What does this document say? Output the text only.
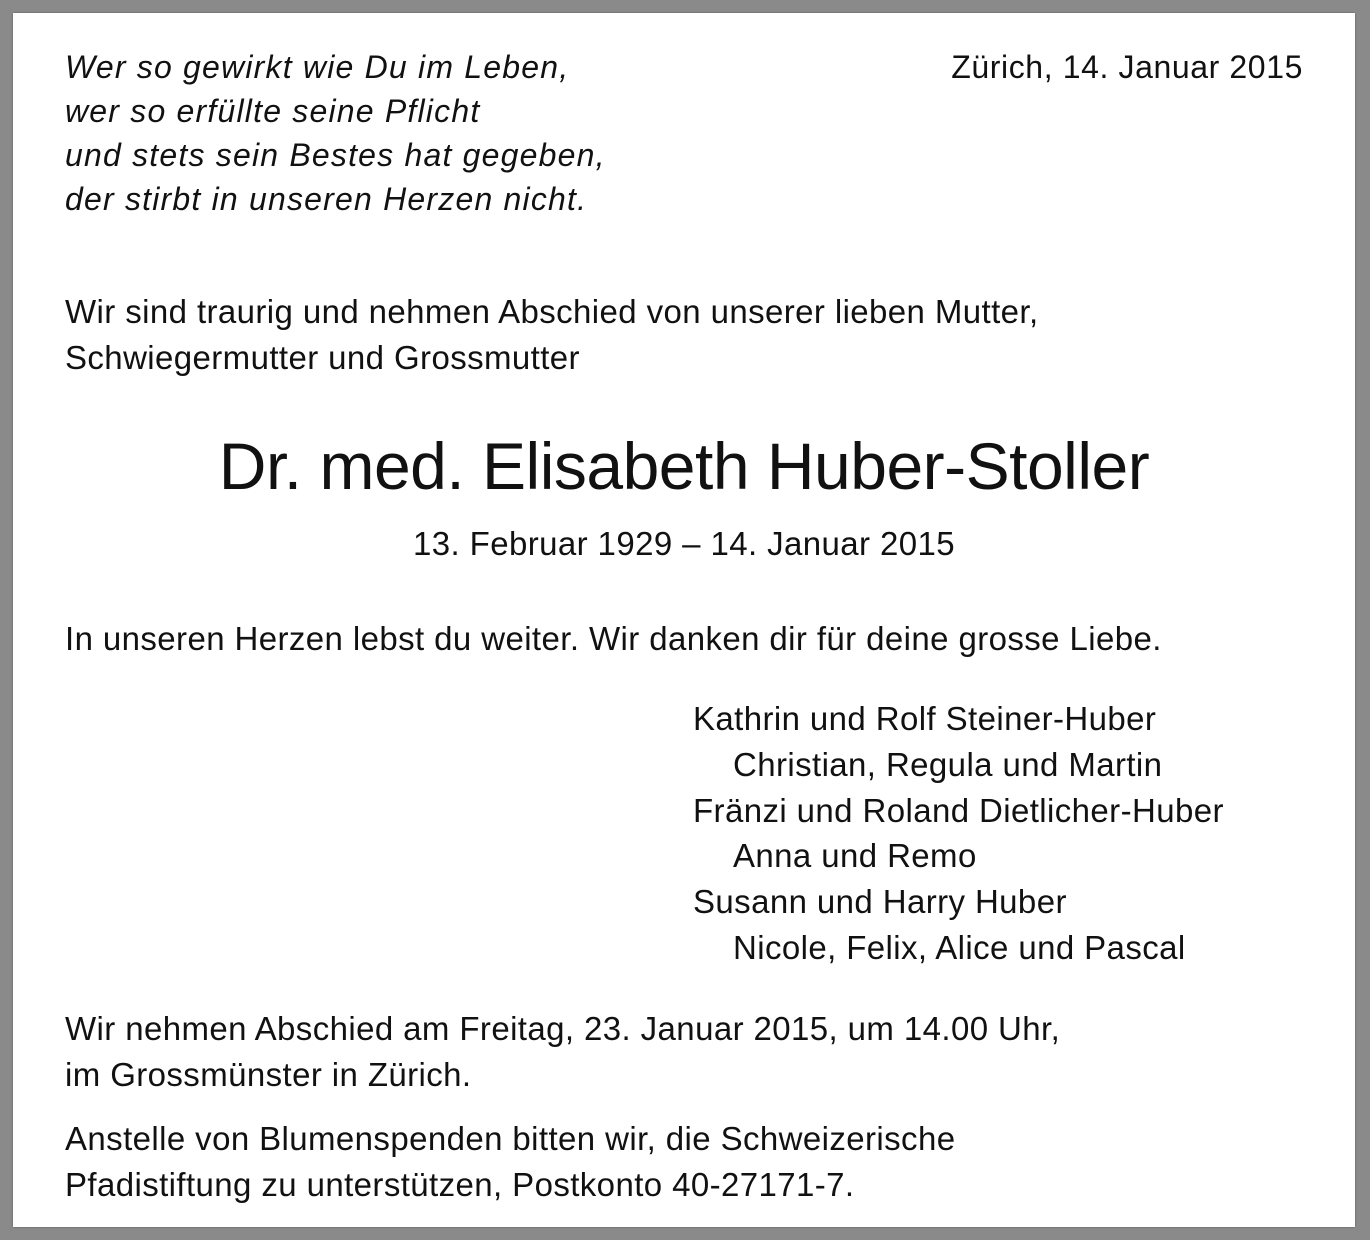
Wer so gewirkt wie Du im Leben,
wer so erfüllte seine Pflicht
und stets sein Bestes hat gegeben,
der stirbt in unseren Herzen nicht.
Zürich, 14. Januar 2015
Wir sind traurig und nehmen Abschied von unserer lieben Mutter,
Schwiegermutter und Grossmutter
Dr. med. Elisabeth Huber-Stoller
13. Februar 1929 – 14. Januar 2015
In unseren Herzen lebst du weiter. Wir danken dir für deine grosse Liebe.
Kathrin und Rolf Steiner-Huber
Christian, Regula und Martin
Fränzi und Roland Dietlicher-Huber
Anna und Remo
Susann und Harry Huber
Nicole, Felix, Alice und Pascal
Wir nehmen Abschied am Freitag, 23. Januar 2015, um 14.00 Uhr,
im Grossmünster in Zürich.
Anstelle von Blumenspenden bitten wir, die Schweizerische
Pfadistiftung zu unterstützen, Postkonto 40-27171-7.
